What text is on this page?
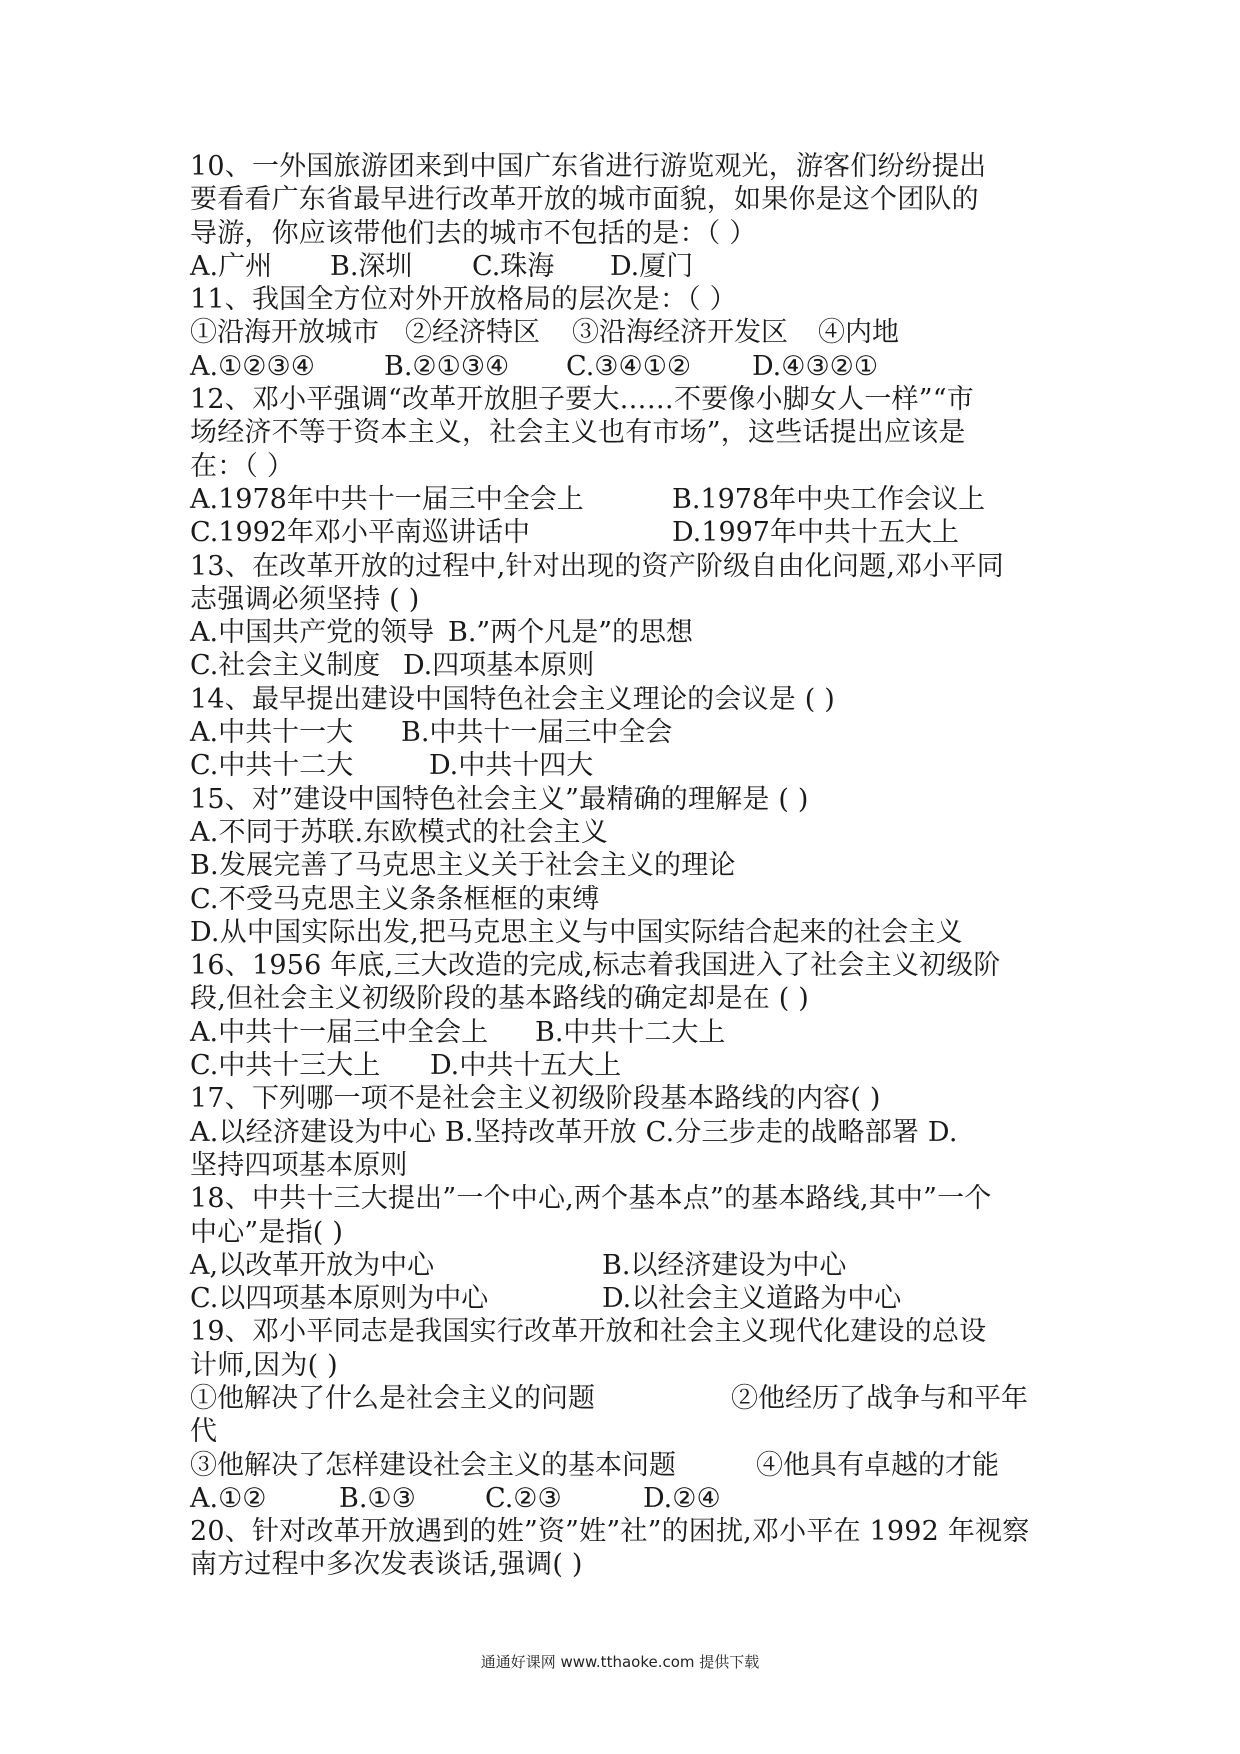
10、一外国旅游团来到中国广东省进行游览观光，游客们纷纷提出
要看看广东省最早进行改革开放的城市面貌，如果你是这个团队的
导游，你应该带他们去的城市不包括的是：（ ）
A.广州	B.深圳	C.珠海	D.厦门
11、我国全方位对外开放格局的层次是：（ ）
①沿海开放城市 ②经济特区	③沿海经济开发区	④内地
A.①②③④	B.②①③④	C.③④①②	D.④③②①
12、邓小平强调“改革开放胆子要大……不要像小脚女人一样”“市
场经济不等于资本主义，社会主义也有市场”，这些话提出应该是
在：（ ）
A.1978年中共十一届三中全会上	B.1978年中央工作会议上
C.1992年邓小平南巡讲话中	D.1997年中共十五大上
13、在改革开放的过程中,针对出现的资产阶级自由化问题,邓小平同
志强调必须坚持 ( )
A.中国共产党的领导 B.”两个凡是”的思想
C.社会主义制度 D.四项基本原则
14、最早提出建设中国特色社会主义理论的会议是 ( )
A.中共十一大	B.中共十一届三中全会
C.中共十二大	D.中共十四大
15、对”建设中国特色社会主义”最精确的理解是 ( )
A.不同于苏联.东欧模式的社会主义
B.发展完善了马克思主义关于社会主义的理论
C.不受马克思主义条条框框的束缚
D.从中国实际出发,把马克思主义与中国实际结合起来的社会主义
16、1956 年底,三大改造的完成,标志着我国进入了社会主义初级阶
段,但社会主义初级阶段的基本路线的确定却是在 ( )
A.中共十一届三中全会上	B.中共十二大上
C.中共十三大上	D.中共十五大上
17、下列哪一项不是社会主义初级阶段基本路线的内容( )
A.以经济建设为中心 B.坚持改革开放 C.分三步走的战略部署 D.
坚持四项基本原则
18、中共十三大提出”一个中心,两个基本点”的基本路线,其中”一个
中心”是指( )
A,以改革开放为中心	B.以经济建设为中心
C.以四项基本原则为中心	D.以社会主义道路为中心
19、邓小平同志是我国实行改革开放和社会主义现代化建设的总设
计师,因为( )
①他解决了什么是社会主义的问题	②他经历了战争与和平年
代
③他解决了怎样建设社会主义的基本问题	④他具有卓越的才能
A.①②	B.①③	C.②③	D.②④
20、针对改革开放遇到的姓”资”姓”社”的困扰,邓小平在 1992 年视察
南方过程中多次发表谈话,强调( )
通通好课网 www.tthaoke.com 提供下载
